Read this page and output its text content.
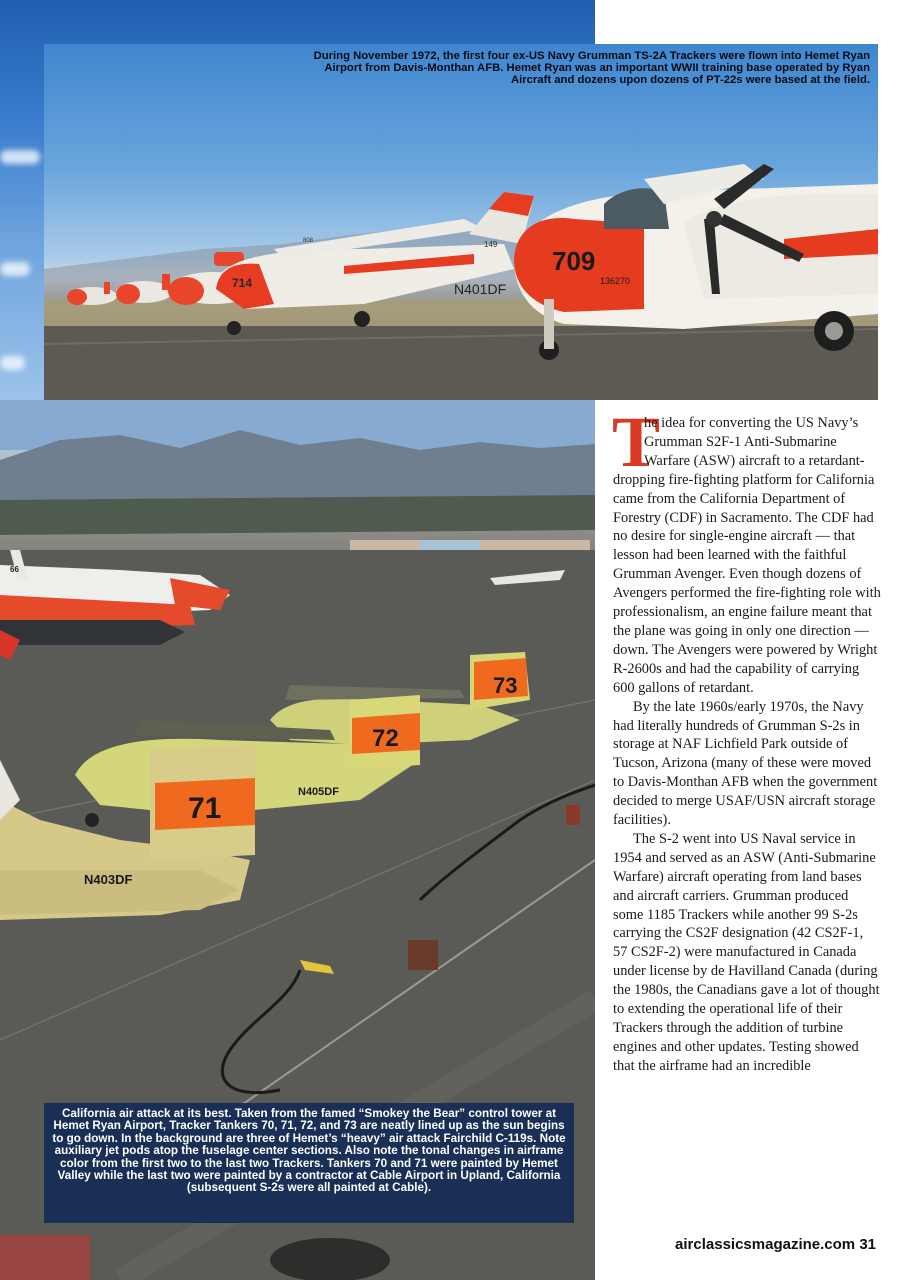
808
N401DF
714
149
709
136270
During November 1972, the first four ex-US Navy Grumman TS-2A Trackers were flown into Hemet Ryan Airport from Davis-Monthan AFB. Hemet Ryan was an important WWII training base operated by Ryan Aircraft and dozens upon dozens of PT-22s were based at the field.
66
73
72
N405DF
71
N403DF
California air attack at its best. Taken from the famed “Smokey the Bear” control tower at Hemet Ryan Airport, Tracker Tankers 70, 71, 72, and 73 are neatly lined up as the sun begins to go down. In the background are three of Hemet’s “heavy” air attack Fairchild C-119s. Note auxiliary jet pods atop the fuselage center sections. Also note the tonal changes in airframe color from the first two to the last two Trackers. Tankers 70 and 71 were painted by Hemet Valley while the last two were painted by a contractor at Cable Airport in Upland, California (subsequent S-2s were all painted at Cable).

T
he idea for converting the US Navy’s Grumman S2F-1 Anti-Submarine Warfare (ASW) aircraft to a retardant-dropping fire-fighting platform for California came from the California Department of Forestry (CDF) in Sacramento. The CDF had no desire for single-engine aircraft — that lesson had been learned with the faithful Grumman Avenger. Even though dozens of Avengers performed the fire-fighting role with professionalism, an engine failure meant that the plane was going in only one direction — down. The Avengers were powered by Wright R-2600s and had the capability of carrying 600 gallons of retardant.

By the late 1960s/early 1970s, the Navy had literally hundreds of Grumman S-2s in storage at NAF Lichfield Park outside of Tucson, Arizona (many of these were moved to Davis-Monthan AFB when the government decided to merge USAF/USN aircraft storage facilities).

The S-2 went into US Naval service in 1954 and served as an ASW (Anti-Submarine Warfare) aircraft operating from land bases and aircraft carriers. Grumman produced some 1185 Trackers while another 99 S-2s carrying the CS2F designation (42 CS2F-1, 57 CS2F-2) were manufactured in Canada under license by de Havilland Canada (during the 1980s, the Canadians gave a lot of thought to extending the operational life of their Trackers through the addition of turbine engines and other updates. Testing showed that the airframe had an incredible

airclassicsmagazine.com 31
